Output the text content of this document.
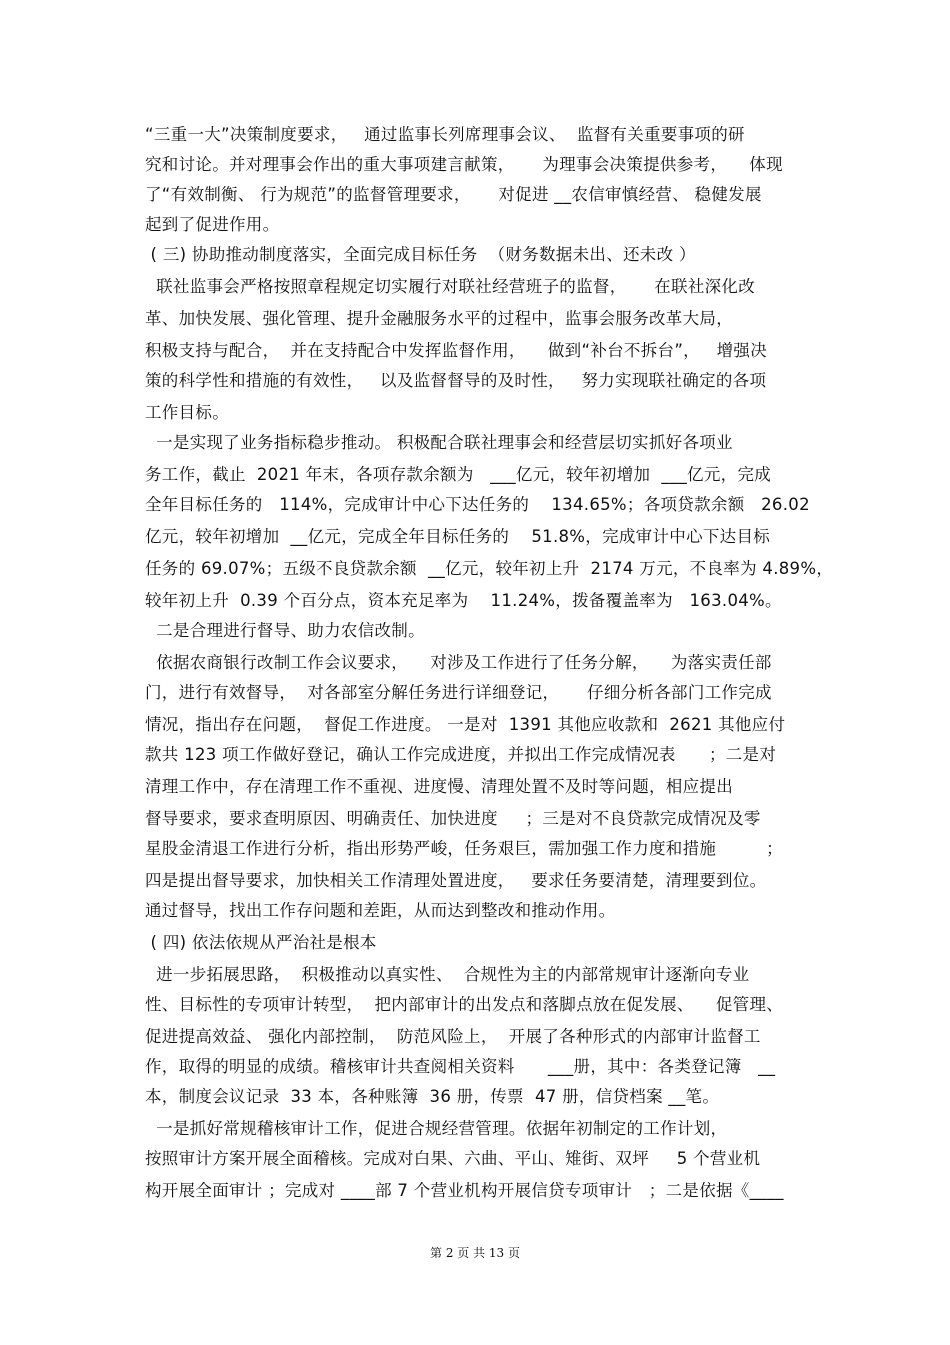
“三重一大”决策制度要求，   通过监事长列席理事会议、  监督有关重要事项的研
究和讨论。并对理事会作出的重大事项建言献策，     为理事会决策提供参考，    体现
了“有效制衡、 行为规范”的监督管理要求，     对促进 __农信审慎经营、 稳健发展
起到了促进作用。
( 三) 协助推动制度落实，全面完成目标任务  （财务数据未出、还未改 ）
联社监事会严格按照章程规定切实履行对联社经营班子的监督，     在联社深化改
革、加快发展、强化管理、提升金融服务水平的过程中，监事会服务改革大局，
积极支持与配合，  并在支持配合中发挥监督作用，    做到“补台不拆台”，   增强决
策的科学性和措施的有效性，   以及监督督导的及时性，   努力实现联社确定的各项
工作目标。
一是实现了业务指标稳步推动。 积极配合联社理事会和经营层切实抓好各项业
务工作，截止  2021 年末，各项存款余额为   ___亿元，较年初增加  ___亿元，完成
全年目标任务的   114%，完成审计中心下达任务的    134.65%；各项贷款余额   26.02
亿元，较年初增加  __亿元，完成全年目标任务的    51.8%，完成审计中心下达目标
任务的 69.07%；五级不良贷款余额  __亿元，较年初上升  2174 万元，不良率为 4.89%，
较年初上升  0.39 个百分点，资本充足率为    11.24%，拨备覆盖率为   163.04%。
二是合理进行督导、助力农信改制。
依据农商银行改制工作会议要求，    对涉及工作进行了任务分解，    为落实责任部
门，进行有效督导，  对各部室分解任务进行详细登记，     仔细分析各部门工作完成
情况，指出存在问题，  督促工作进度。 一是对  1391 其他应收款和  2621 其他应付
款共 123 项工作做好登记，确认工作完成进度，并拟出工作完成情况表      ；二是对
清理工作中，存在清理工作不重视、进度慢、清理处置不及时等问题，相应提出
督导要求，要求查明原因、明确责任、加快进度     ；三是对不良贷款完成情况及零
星股金清退工作进行分析，指出形势严峻，任务艰巨，需加强工作力度和措施         ；
四是提出督导要求，加快相关工作清理处置进度，   要求任务要清楚，清理要到位。
通过督导，找出工作存问题和差距，从而达到整改和推动作用。
( 四) 依法依规从严治社是根本
进一步拓展思路，  积极推动以真实性、  合规性为主的内部常规审计逐渐向专业
性、目标性的专项审计转型，  把内部审计的出发点和落脚点放在促发展、    促管理、
促进提高效益、 强化内部控制，  防范风险上，  开展了各种形式的内部审计监督工
作，取得的明显的成绩。稽核审计共查阅相关资料      ___册，其中：各类登记簿   __
本，制度会议记录  33 本，各种账簿  36 册，传票  47 册，信贷档案 __笔。
一是抓好常规稽核审计工作，促进合规经营管理。依据年初制定的工作计划，
按照审计方案开展全面稽核。完成对白果、六曲、平山、雉街、双坪     5 个营业机
构开展全面审计 ；完成对 ____部 7 个营业机构开展信贷专项审计   ；二是依据《____
第 2 页 共 13 页
